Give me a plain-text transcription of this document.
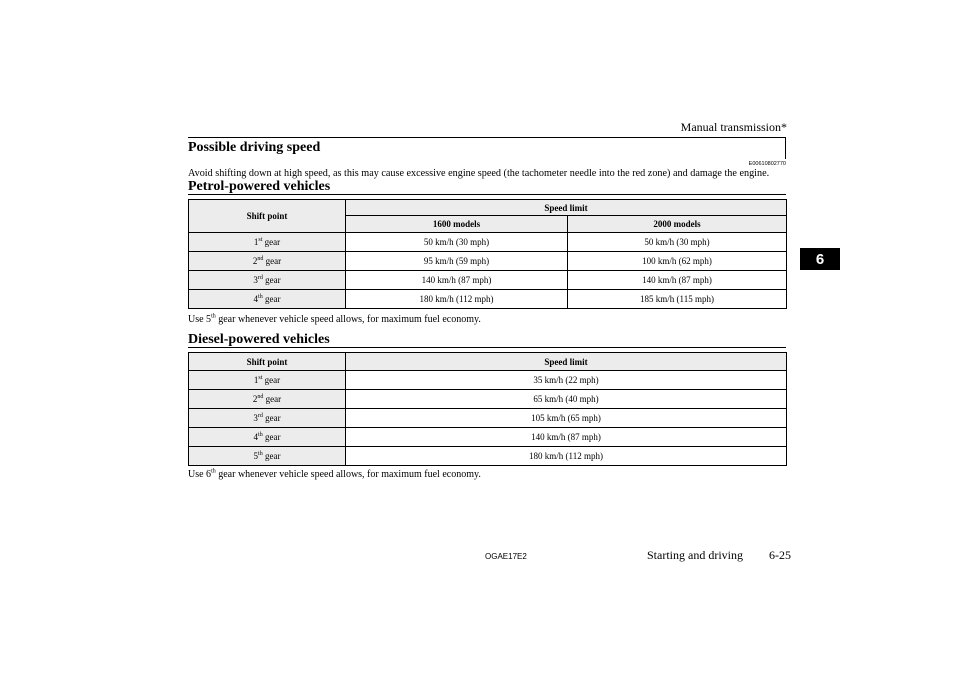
Manual transmission*
6
Possible driving speed
E00610802770
Avoid shifting down at high speed, as this may cause excessive engine speed (the tachometer needle into the red zone) and damage the engine.
Petrol-powered vehicles
Shift point	Speed limit	
	1600 models	2000 models
1st gear	50 km/h (30 mph)	50 km/h (30 mph)
2nd gear	95 km/h (59 mph)	100 km/h (62 mph)
3rd gear	140 km/h (87 mph)	140 km/h (87 mph)
4th gear	180 km/h (112 mph)	185 km/h (115 mph)
Use 5th gear whenever vehicle speed allows, for maximum fuel economy.
Diesel-powered vehicles
Shift point	Speed limit
1st gear	35 km/h (22 mph)
2nd gear	65 km/h (40 mph)
3rd gear	105 km/h (65 mph)
4th gear	140 km/h (87 mph)
5th gear	180 km/h (112 mph)
Use 6th gear whenever vehicle speed allows, for maximum fuel economy.
OGAE17E2	Starting and driving 6-25
